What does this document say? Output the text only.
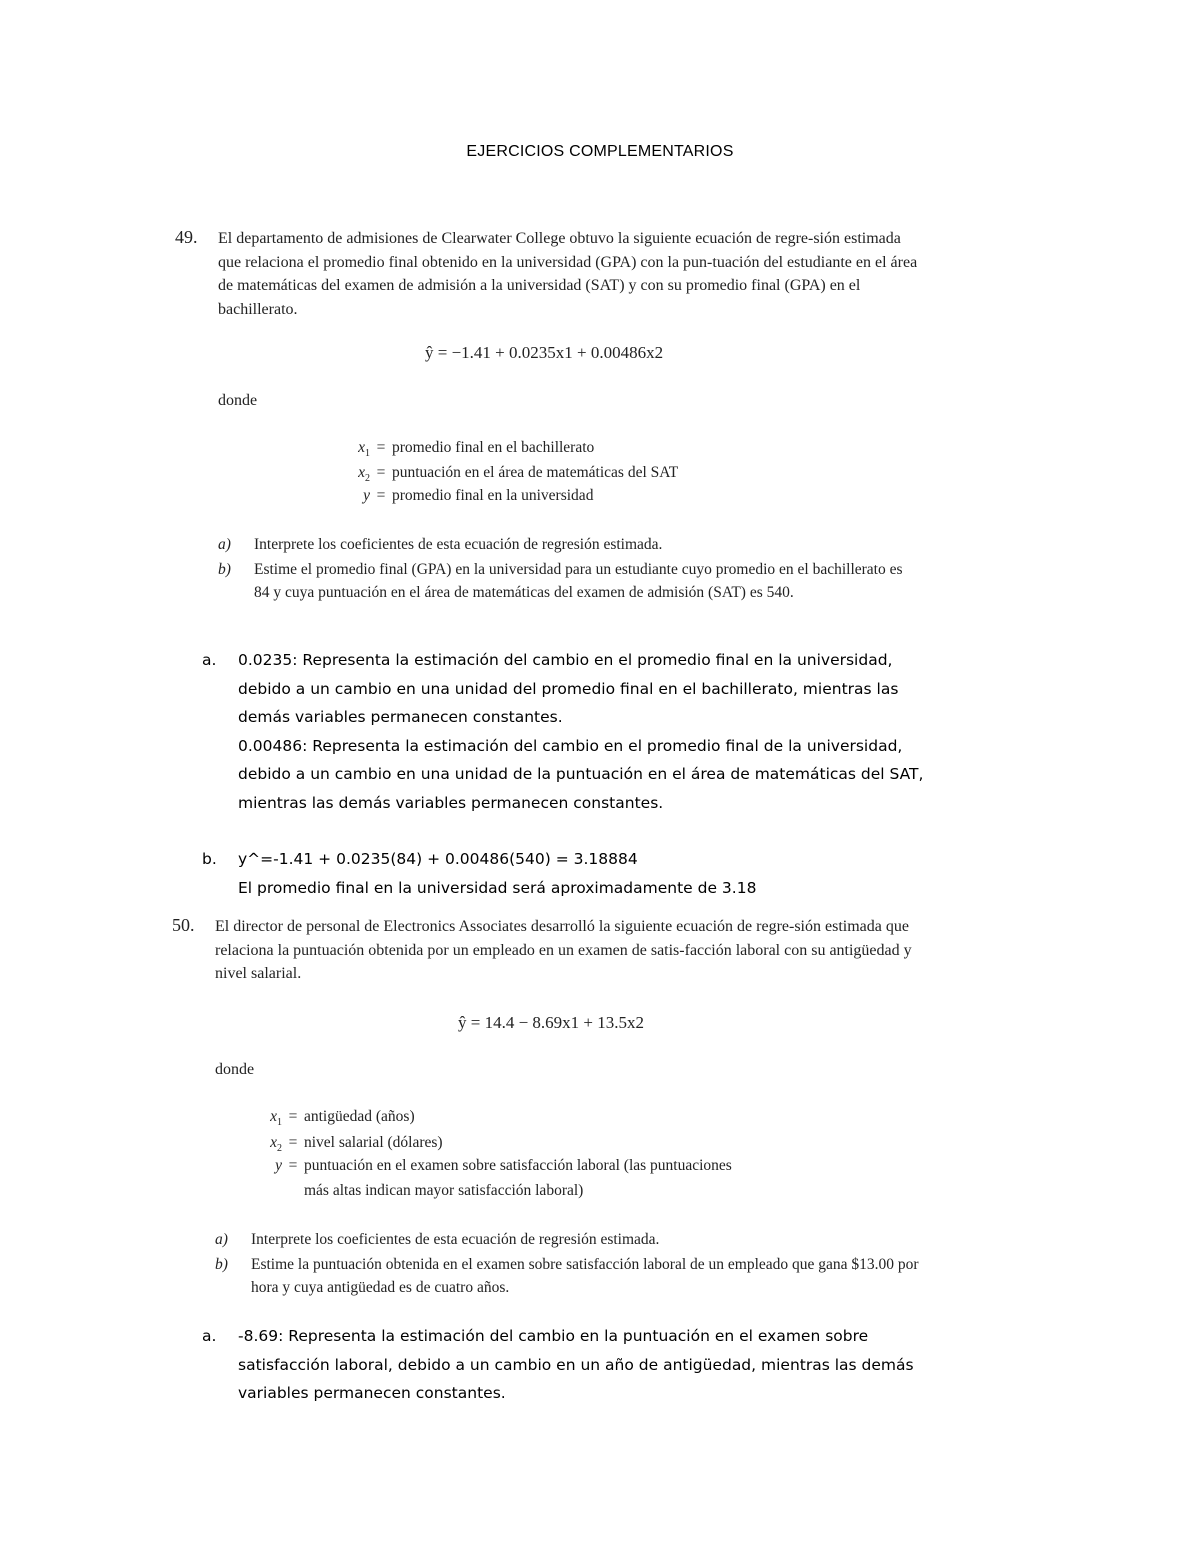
EJERCICIOS COMPLEMENTARIOS
49. El departamento de admisiones de Clearwater College obtuvo la siguiente ecuación de regre-sión estimada que relaciona el promedio final obtenido en la universidad (GPA) con la pun-tuación del estudiante en el área de matemáticas del examen de admisión a la universidad (SAT) y con su promedio final (GPA) en el bachillerato.
ŷ = −1.41 + 0.0235x1 + 0.00486x2
donde
$x_1$ = promedio final en el bachillerato
$x_2$ = puntuación en el área de matemáticas del SAT
y = promedio final en la universidad
a)	Interprete los coeficientes de esta ecuación de regresión estimada.
b)	Estime el promedio final (GPA) en la universidad para un estudiante cuyo promedio en el bachillerato es 84 y cuya puntuación en el área de matemáticas del examen de admisión (SAT) es 540.
a.	0.0235: Representa la estimación del cambio en el promedio final en la universidad,
debido a un cambio en una unidad del promedio final en el bachillerato, mientras las
demás variables permanecen constantes.
0.00486: Representa la estimación del cambio en el promedio final de la universidad,
debido a un cambio en una unidad de la puntuación en el área de matemáticas del SAT,
mientras las demás variables permanecen constantes.
b.	y^=-1.41 + 0.0235(84) + 0.00486(540) = 3.18884
El promedio final en la universidad será aproximadamente de 3.18
50. El director de personal de Electronics Associates desarrolló la siguiente ecuación de regre-sión estimada que relaciona la puntuación obtenida por un empleado en un examen de satis-facción laboral con su antigüedad y nivel salarial.
ŷ = 14.4 − 8.69x1 + 13.5x2
donde
$x_1$ = antigüedad (años)
$x_2$ = nivel salarial (dólares)
y = puntuación en el examen sobre satisfacción laboral (las puntuaciones
más altas indican mayor satisfacción laboral)
a)	Interprete los coeficientes de esta ecuación de regresión estimada.
b)	Estime la puntuación obtenida en el examen sobre satisfacción laboral de un empleado que gana $13.00 por hora y cuya antigüedad es de cuatro años.
a.	-8.69: Representa la estimación del cambio en la puntuación en el examen sobre
satisfacción laboral, debido a un cambio en un año de antigüedad, mientras las demás
variables permanecen constantes.
